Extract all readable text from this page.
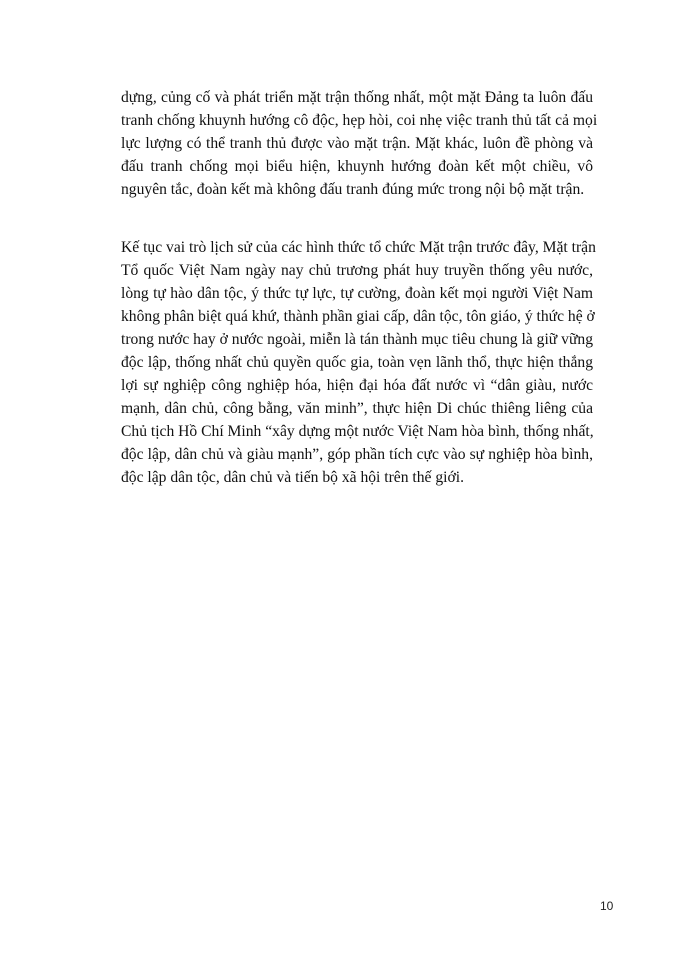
dựng, củng cố và phát triển mặt trận thống nhất, một mặt Đảng ta luôn đấu
tranh chống khuynh hướng cô độc, hẹp hòi, coi nhẹ việc tranh thủ tất cả mọi
lực lượng có thể tranh thủ được vào mặt trận. Mặt khác, luôn đề phòng và
đấu tranh chống mọi biểu hiện, khuynh hướng đoàn kết một chiều, vô
nguyên tắc, đoàn kết mà không đấu tranh đúng mức trong nội bộ mặt trận.
Kế tục vai trò lịch sử của các hình thức tổ chức Mặt trận trước đây, Mặt trận
Tổ quốc Việt Nam ngày nay chủ trương phát huy truyền thống yêu nước,
lòng tự hào dân tộc, ý thức tự lực, tự cường, đoàn kết mọi người Việt Nam
không phân biệt quá khứ, thành phần giai cấp, dân tộc, tôn giáo, ý thức hệ ở
trong nước hay ở nước ngoài, miễn là tán thành mục tiêu chung là giữ vững
độc lập, thống nhất chủ quyền quốc gia, toàn vẹn lãnh thổ, thực hiện thắng
lợi sự nghiệp công nghiệp hóa, hiện đại hóa đất nước vì “dân giàu, nước
mạnh, dân chủ, công bằng, văn minh”, thực hiện Di chúc thiêng liêng của
Chủ tịch Hồ Chí Minh “xây dựng một nước Việt Nam hòa bình, thống nhất,
độc lập, dân chủ và giàu mạnh”, góp phần tích cực vào sự nghiệp hòa bình,
độc lập dân tộc, dân chủ và tiến bộ xã hội trên thế giới.
10
